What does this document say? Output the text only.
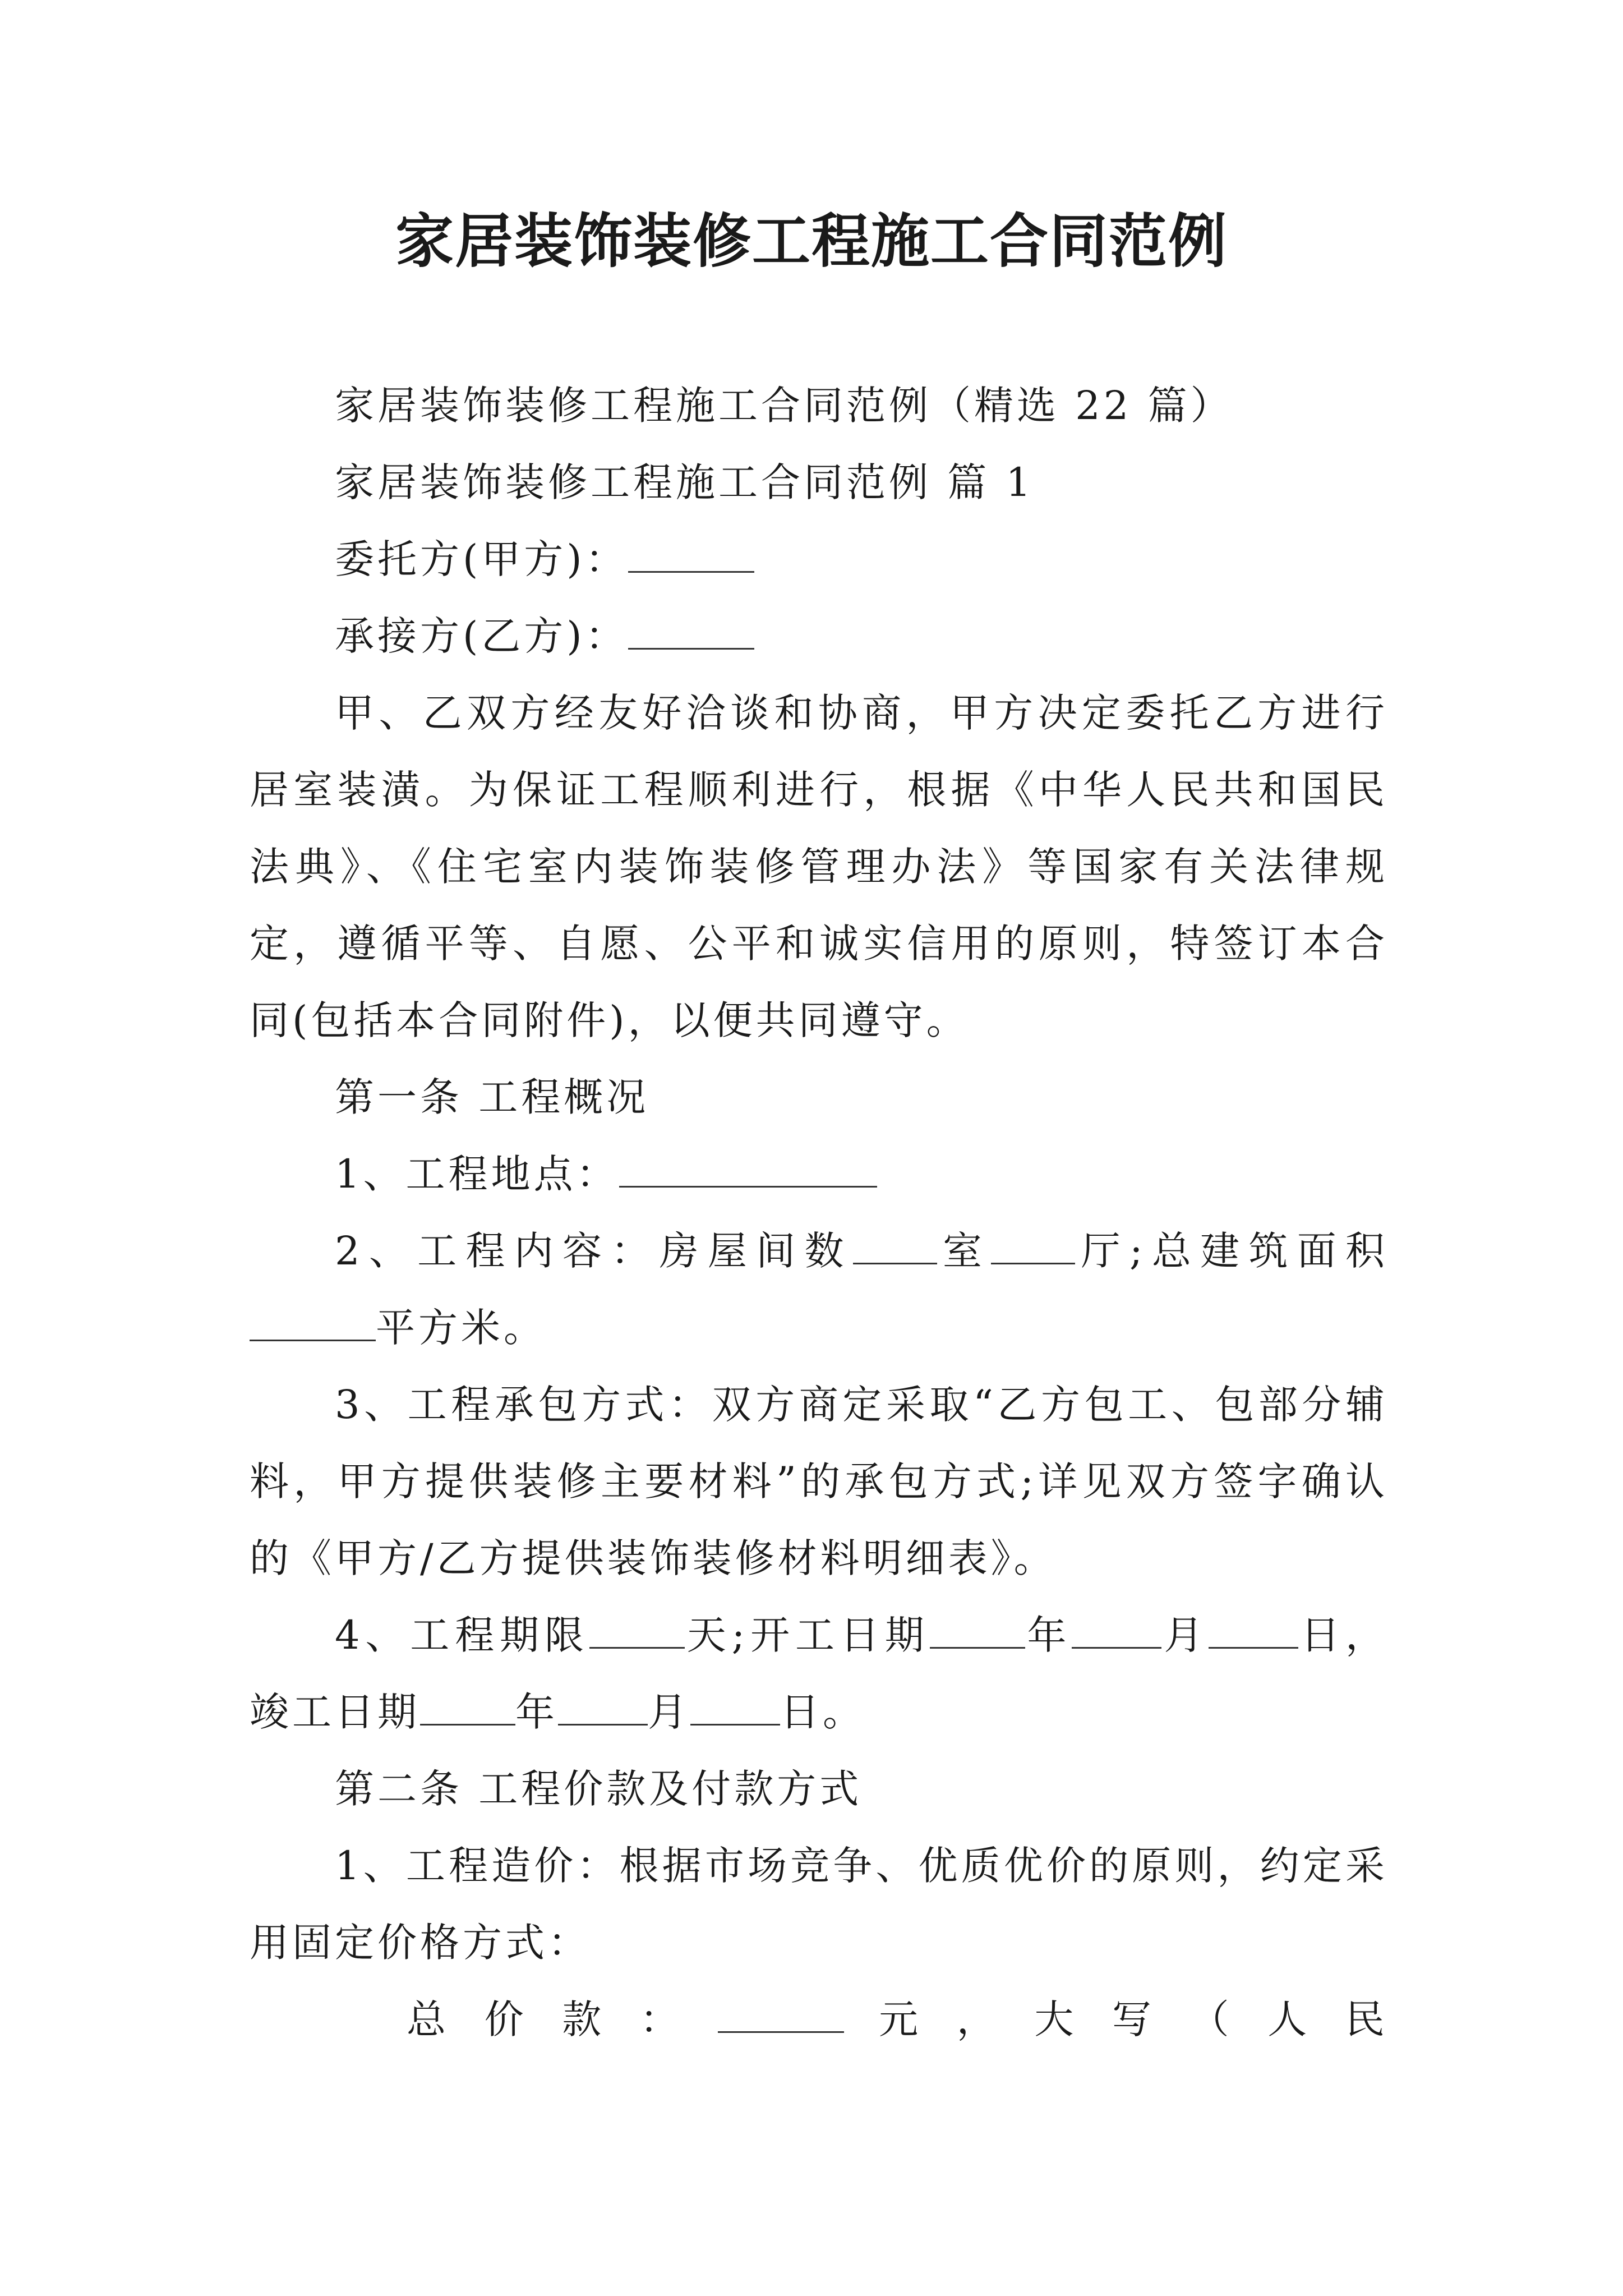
家居装饰装修工程施工合同范例

家居装饰装修工程施工合同范例（精选 22 篇）

家居装饰装修工程施工合同范例 篇 1

委托方(甲方)：

承接方(乙方)：

甲、乙双方经友好洽谈和协商，甲方决定委托乙方进行居室装潢。为保证工程顺利进行，根据《中华人民共和国民法典》、《住宅室内装饰装修管理办法》等国家有关法律规定，遵循平等、自愿、公平和诚实信用的原则，特签订本合同(包括本合同附件)，以便共同遵守。

第一条 工程概况

1、工程地点：

2、工程内容：房屋间数 室 厅;总建筑面积平方米。

3、工程承包方式：双方商定采取“乙方包工、包部分辅料，甲方提供装修主要材料”的承包方式;详见双方签字确认的《甲方/乙方提供装饰装修材料明细表》。

4、工程期限 天;开工日期 年 月 日，竣工日期 年 月 日。

第二条 工程价款及付款方式

1、工程造价：根据市场竞争、优质优价的原则，约定采用固定价格方式：

总 价 款 ：	元 ， 大 写 （ 人 民
